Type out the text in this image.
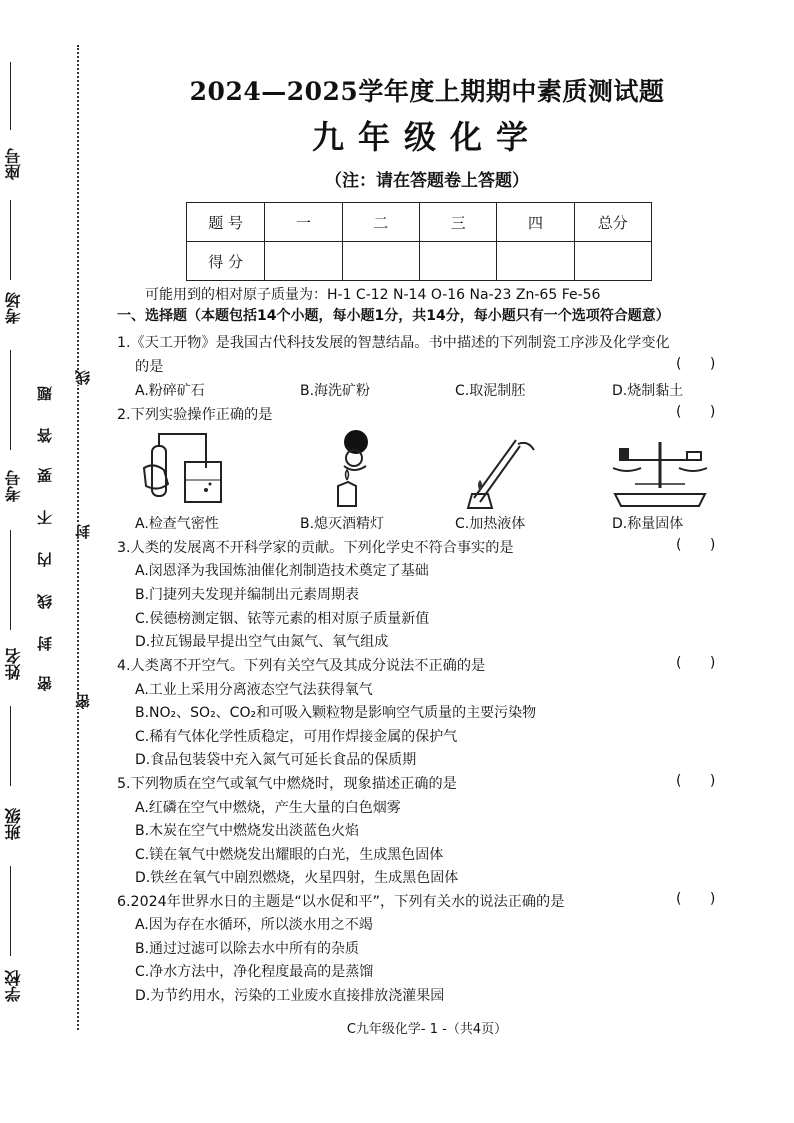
座号
考场
考号
姓名
班级
学校
题
答
要
不
内
线
封
密
线
封
密
2024—2025学年度上期期中素质测试题
九年级化学
（注：请在答题卷上答题）
题 号	一	二	三	四	总分
得 分					
可能用到的相对原子质量为：H-1 C-12 N-14 O-16 Na-23 Zn-65 Fe-56
一、选择题（本题包括14个小题，每小题1分，共14分，每小题只有一个选项符合题意）
1.《天工开物》是我国古代科技发展的智慧结晶。书中描述的下列制瓷工序涉及化学变化
的是	( )
A.粉碎矿石	B.海洗矿粉	C.取泥制胚	D.烧制黏土
2.下列实验操作正确的是	( )
A.检查气密性	B.熄灭酒精灯	C.加热液体	D.称量固体
3.人类的发展离不开科学家的贡献。下列化学史不符合事实的是	( )
A.闵恩泽为我国炼油催化剂制造技术奠定了基础
B.门捷列夫发现并编制出元素周期表
C.侯德榜测定铟、铱等元素的相对原子质量新值
D.拉瓦锡最早提出空气由氮气、氧气组成
4.人类离不开空气。下列有关空气及其成分说法不正确的是	( )
A.工业上采用分离液态空气法获得氧气
B.NO₂、SO₂、CO₂和可吸入颗粒物是影响空气质量的主要污染物
C.稀有气体化学性质稳定，可用作焊接金属的保护气
D.食品包装袋中充入氮气可延长食品的保质期
5.下列物质在空气或氧气中燃烧时，现象描述正确的是	( )
A.红磷在空气中燃烧，产生大量的白色烟雾
B.木炭在空气中燃烧发出淡蓝色火焰
C.镁在氧气中燃烧发出耀眼的白光，生成黑色固体
D.铁丝在氧气中剧烈燃烧，火星四射，生成黑色固体
6.2024年世界水日的主题是“以水促和平”，下列有关水的说法正确的是	( )
A.因为存在水循环，所以淡水用之不竭
B.通过过滤可以除去水中所有的杂质
C.净水方法中，净化程度最高的是蒸馏
D.为节约用水，污染的工业废水直接排放浇灌果园
C九年级化学- 1 -（共4页）
